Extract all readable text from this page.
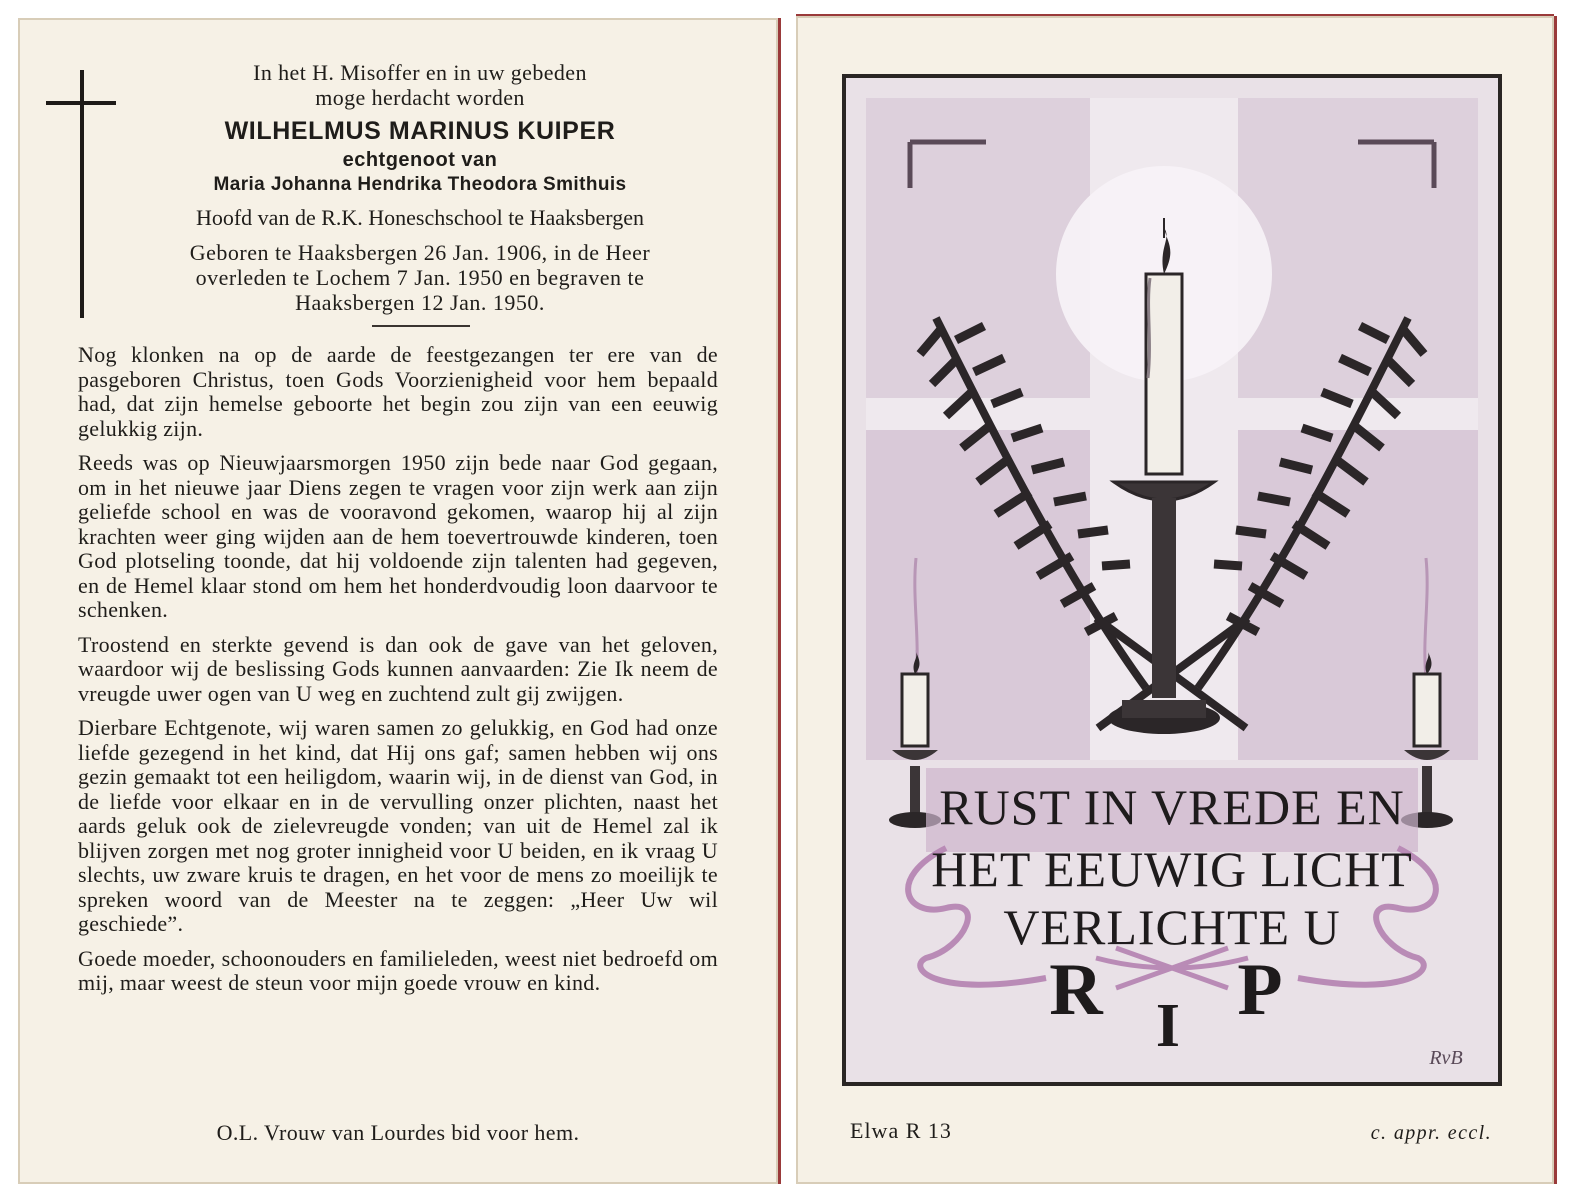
In het H. Misoffer en in uw gebeden
moge herdacht worden
WILHELMUS MARINUS KUIPER
echtgenoot van
Maria Johanna Hendrika Theodora Smithuis
Hoofd van de R.K. Honeschschool te Haaksbergen
Geboren te Haaksbergen 26 Jan. 1906, in de Heer
overleden te Lochem 7 Jan. 1950 en begraven te
Haaksbergen 12 Jan. 1950.

Nog klonken na op de aarde de feestgezangen ter ere van de pasgeboren Christus, toen Gods Voorzienigheid voor hem bepaald had, dat zijn hemelse geboorte het begin zou zijn van een eeuwig gelukkig zijn.

Reeds was op Nieuwjaarsmorgen 1950 zijn bede naar God gegaan, om in het nieuwe jaar Diens zegen te vragen voor zijn werk aan zijn geliefde school en was de vooravond gekomen, waarop hij al zijn krachten weer ging wijden aan de hem toevertrouwde kinderen, toen God plotseling toonde, dat hij voldoende zijn talenten had gegeven, en de Hemel klaar stond om hem het honderdvoudig loon daarvoor te schenken.

Troostend en sterkte gevend is dan ook de gave van het geloven, waardoor wij de beslissing Gods kunnen aanvaarden: Zie Ik neem de vreugde uwer ogen van U weg en zuchtend zult gij zwijgen.

Dierbare Echtgenote, wij waren samen zo gelukkig, en God had onze liefde gezegend in het kind, dat Hij ons gaf; samen hebben wij ons gezin gemaakt tot een heiligdom, waarin wij, in de dienst van God, in de liefde voor elkaar en in de vervulling onzer plichten, naast het aards geluk ook de zielevreugde vonden; van uit de Hemel zal ik blijven zorgen met nog groter innigheid voor U beiden, en ik vraag U slechts, uw zware kruis te dragen, en het voor de mens zo moeilijk te spreken woord van de Meester na te zeggen: „Heer Uw wil geschiede”.

Goede moeder, schoonouders en familieleden, weest niet bedroefd om mij, maar weest de steun voor mijn goede vrouw en kind.

O.L. Vrouw van Lourdes bid voor hem.
RUST IN VREDE EN
HET EEUWIG LICHT
VERLICHTE U
R I P
RvB
Elwa R 13	c. appr. eccl.
